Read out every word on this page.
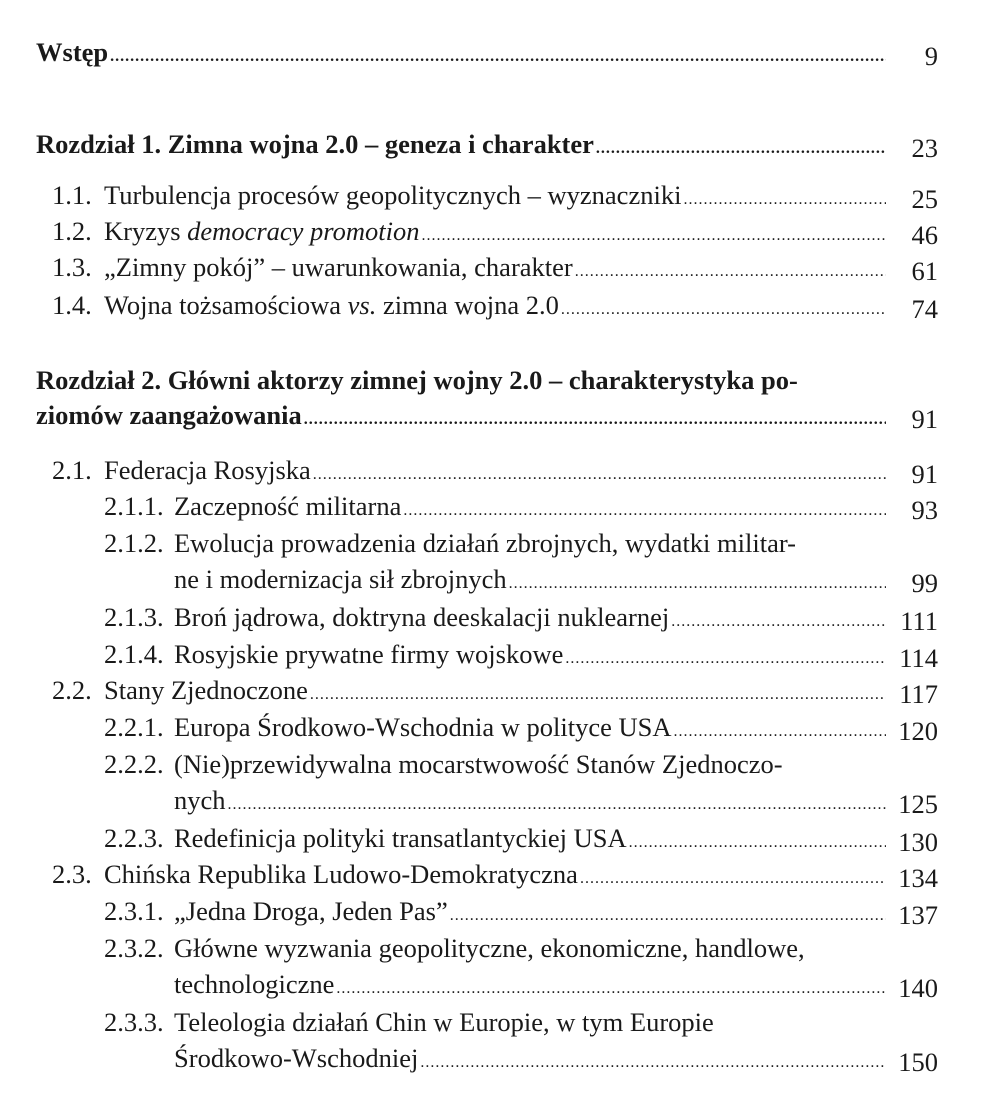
Wstęp .....	9
Rozdział 1. Zimna wojna 2.0 – geneza i charakter .....	23
1.1. Turbulencja procesów geopolitycznych – wyznaczniki .....	25
1.2. Kryzys democracy promotion .....	46
1.3. „Zimny pokój” – uwarunkowania, charakter .....	61
1.4. Wojna tożsamościowa vs. zimna wojna 2.0 .....	74
Rozdział 2. Główni aktorzy zimnej wojny 2.0 – charakterystyka po-
ziomów zaangażowania .....	91
2.1. Federacja Rosyjska .....	91
2.1.1. Zaczepność militarna .....	93
2.1.2. Ewolucja prowadzenia działań zbrojnych, wydatki militar-
ne i modernizacja sił zbrojnych .....	99
2.1.3. Broń jądrowa, doktryna deeskalacji nuklearnej .....	111
2.1.4. Rosyjskie prywatne firmy wojskowe .....	114
2.2. Stany Zjednoczone .....	117
2.2.1. Europa Środkowo-Wschodnia w polityce USA .....	120
2.2.2. (Nie)przewidywalna mocarstwowość Stanów Zjednoczo-
nych .....	125
2.2.3. Redefinicja polityki transatlantyckiej USA .....	130
2.3. Chińska Republika Ludowo-Demokratyczna .....	134
2.3.1. „Jedna Droga, Jeden Pas” .....	137
2.3.2. Główne wyzwania geopolityczne, ekonomiczne, handlowe,
technologiczne .....	140
2.3.3. Teleologia działań Chin w Europie, w tym Europie
Środkowo-Wschodniej .....	150
